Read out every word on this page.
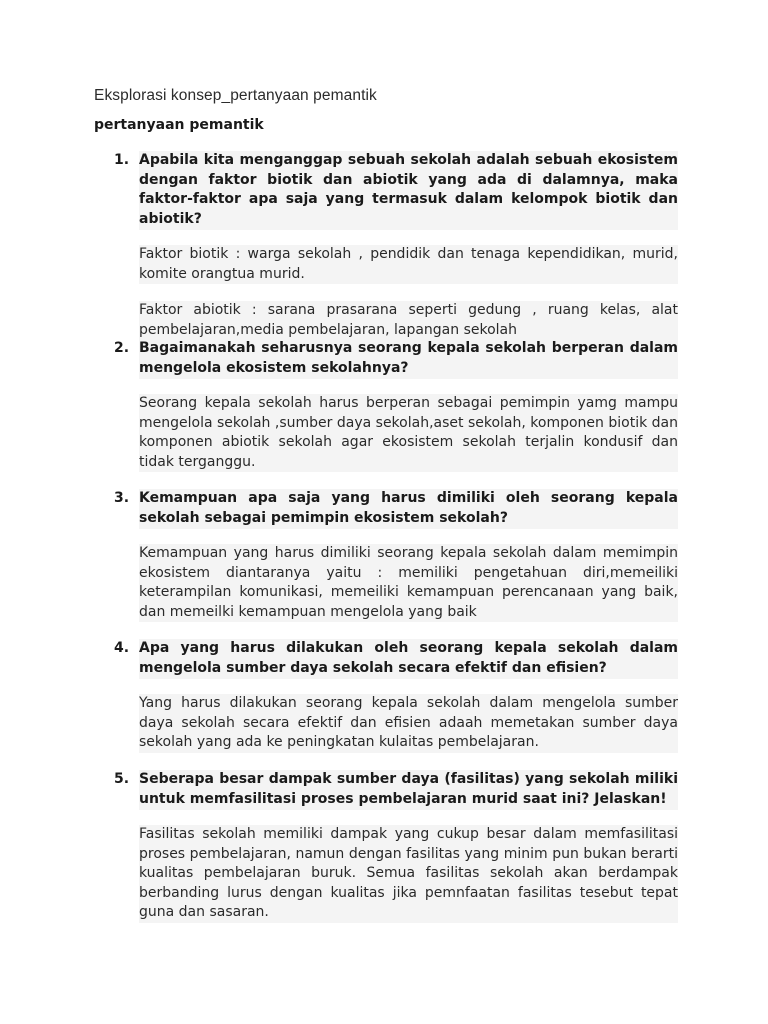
Eksplorasi konsep_pertanyaan pemantik
pertanyaan pemantik
1. Apabila kita menganggap sebuah sekolah adalah sebuah ekosistem dengan faktor biotik dan abiotik yang ada di dalamnya, maka faktor-faktor apa saja yang termasuk dalam kelompok biotik dan abiotik?
Faktor biotik : warga sekolah , pendidik dan tenaga kependidikan, murid, komite orangtua murid.
Faktor abiotik : sarana prasarana seperti gedung , ruang kelas, alat pembelajaran,media pembelajaran, lapangan sekolah
2. Bagaimanakah seharusnya seorang kepala sekolah berperan dalam mengelola ekosistem sekolahnya?
Seorang kepala sekolah harus berperan sebagai pemimpin yamg mampu mengelola sekolah ,sumber daya sekolah,aset sekolah, komponen biotik dan komponen abiotik sekolah agar ekosistem sekolah terjalin kondusif dan tidak terganggu.
3. Kemampuan apa saja yang harus dimiliki oleh seorang kepala sekolah sebagai pemimpin ekosistem sekolah?
Kemampuan yang harus dimiliki seorang kepala sekolah dalam memimpin ekosistem diantaranya yaitu : memiliki pengetahuan diri,memeiliki keterampilan komunikasi, memeiliki kemampuan perencanaan yang baik, dan memeilki kemampuan mengelola yang baik
4. Apa yang harus dilakukan oleh seorang kepala sekolah dalam mengelola sumber daya sekolah secara efektif dan efisien?
Yang harus dilakukan seorang kepala sekolah dalam mengelola sumber daya sekolah secara efektif dan efisien adaah memetakan sumber daya sekolah yang ada ke peningkatan kulaitas pembelajaran.
5. Seberapa besar dampak sumber daya (fasilitas) yang sekolah miliki untuk memfasilitasi proses pembelajaran murid saat ini? Jelaskan!
Fasilitas sekolah memiliki dampak yang cukup besar dalam memfasilitasi proses pembelajaran, namun dengan fasilitas yang minim pun bukan berarti kualitas pembelajaran buruk. Semua fasilitas sekolah akan berdampak berbanding lurus dengan kualitas jika pemnfaatan fasilitas tesebut tepat guna dan sasaran.
